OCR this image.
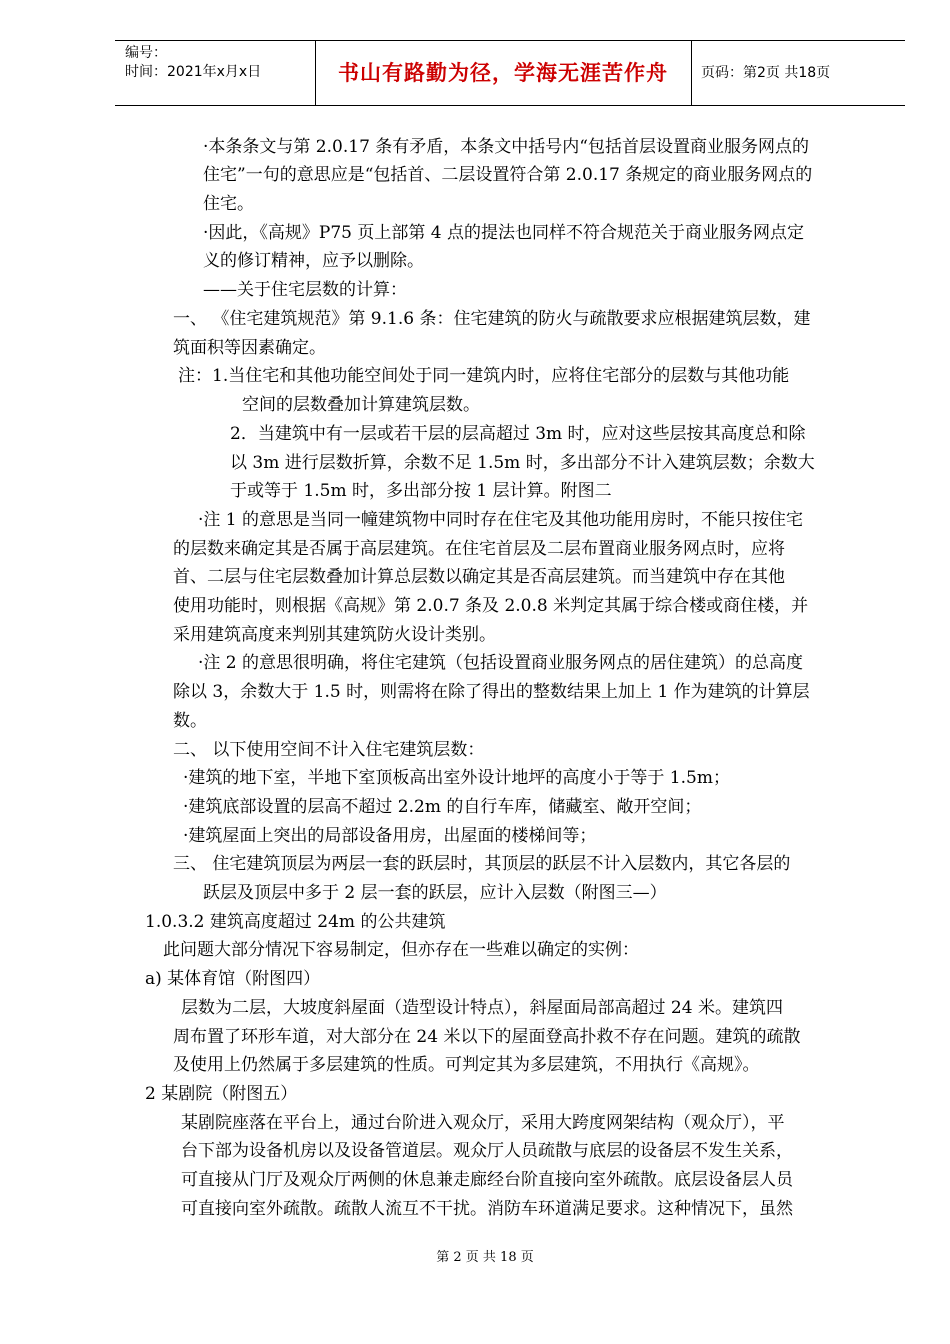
编号：
时间：2021年x月x日	书山有路勤为径，学海无涯苦作舟	页码：第2页 共18页
·本条条文与第 2.0.17 条有矛盾，本条文中括号内“包括首层设置商业服务网点的
住宅”一句的意思应是“包括首、二层设置符合第 2.0.17 条规定的商业服务网点的
住宅。
·因此，《高规》P75 页上部第 4 点的提法也同样不符合规范关于商业服务网点定
义的修订精神，应予以删除。
——关于住宅层数的计算：
一、 《住宅建筑规范》第 9.1.6 条：住宅建筑的防火与疏散要求应根据建筑层数，建
筑面积等因素确定。
注：1.当住宅和其他功能空间处于同一建筑内时，应将住宅部分的层数与其他功能
空间的层数叠加计算建筑层数。
2．当建筑中有一层或若干层的层高超过 3m 时，应对这些层按其高度总和除
以 3m 进行层数折算，余数不足 1.5m 时，多出部分不计入建筑层数；余数大
于或等于 1.5m 时，多出部分按 1 层计算。附图二
·注 1 的意思是当同一幢建筑物中同时存在住宅及其他功能用房时，不能只按住宅
的层数来确定其是否属于高层建筑。在住宅首层及二层布置商业服务网点时，应将
首、二层与住宅层数叠加计算总层数以确定其是否高层建筑。而当建筑中存在其他
使用功能时，则根据《高规》第 2.0.7 条及 2.0.8 米判定其属于综合楼或商住楼，并
采用建筑高度来判别其建筑防火设计类别。
·注 2 的意思很明确，将住宅建筑（包括设置商业服务网点的居住建筑）的总高度
除以 3，余数大于 1.5 时，则需将在除了得出的整数结果上加上 1 作为建筑的计算层
数。
二、 以下使用空间不计入住宅建筑层数：
·建筑的地下室，半地下室顶板高出室外设计地坪的高度小于等于 1.5m；
·建筑底部设置的层高不超过 2.2m 的自行车库，储藏室、敞开空间；
·建筑屋面上突出的局部设备用房，出屋面的楼梯间等；
三、 住宅建筑顶层为两层一套的跃层时，其顶层的跃层不计入层数内，其它各层的
跃层及顶层中多于 2 层一套的跃层，应计入层数（附图三—）
1.0.3.2 建筑高度超过 24m 的公共建筑
此问题大部分情况下容易制定，但亦存在一些难以确定的实例：
a) 某体育馆（附图四）
层数为二层，大坡度斜屋面（造型设计特点），斜屋面局部高超过 24 米。建筑四
周布置了环形车道，对大部分在 24 米以下的屋面登高扑救不存在问题。建筑的疏散
及使用上仍然属于多层建筑的性质。可判定其为多层建筑，不用执行《高规》。
2 某剧院（附图五）
某剧院座落在平台上，通过台阶进入观众厅，采用大跨度网架结构（观众厅），平
台下部为设备机房以及设备管道层。观众厅人员疏散与底层的设备层不发生关系，
可直接从门厅及观众厅两侧的休息兼走廊经台阶直接向室外疏散。底层设备层人员
可直接向室外疏散。疏散人流互不干扰。消防车环道满足要求。这种情况下，虽然
第 2 页 共 18 页
